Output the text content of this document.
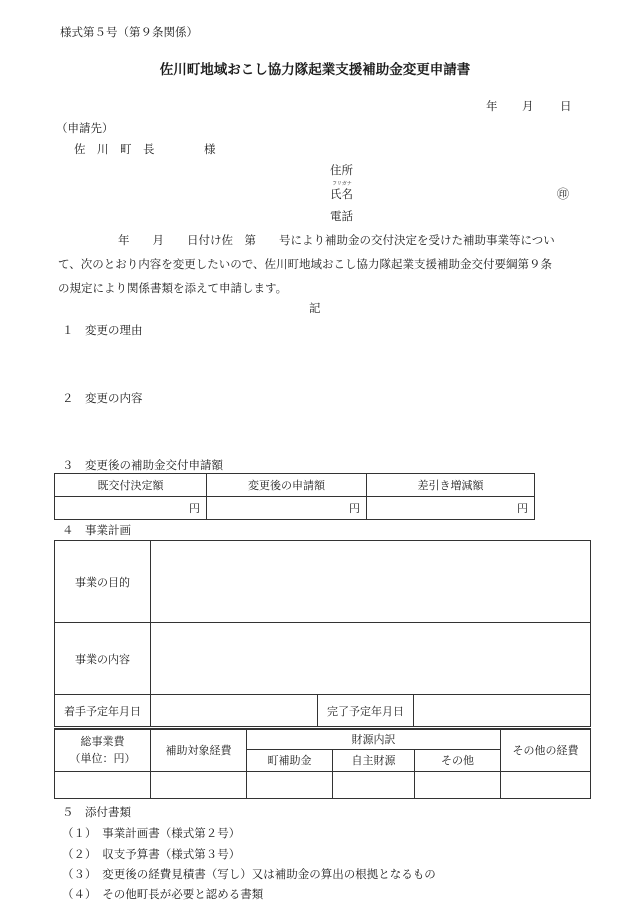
様式第５号（第９条関係）
佐川町地域おこし協力隊起業支援補助金変更申請書
年 月 日
（申請先）
佐　川　町　長	様
住所
フリガナ
氏名	㊞
電話
年　　月　　日付け佐　第　　号により補助金の交付決定を受けた補助事業等につい
て、次のとおり内容を変更したいので、佐川町地域おこし協力隊起業支援補助金交付要綱第９条
の規定により関係書類を添えて申請します。
記
１　変更の理由
２　変更の内容
３　変更後の補助金交付申請額
既交付決定額	変更後の申請額	差引き増減額
円	円	円
４　事業計画
事業の目的			
事業の内容			
着手予定年月日		完了予定年月日	
総事業費
（単位：円）	補助対象経費	財源内訳			その他の経費
		町補助金	自主財源	その他	

５　添付書類
（１）　事業計画書（様式第２号）
（２）　収支予算書（様式第３号）
（３）　変更後の経費見積書（写し）又は補助金の算出の根拠となるもの
（４）　その他町長が必要と認める書類
